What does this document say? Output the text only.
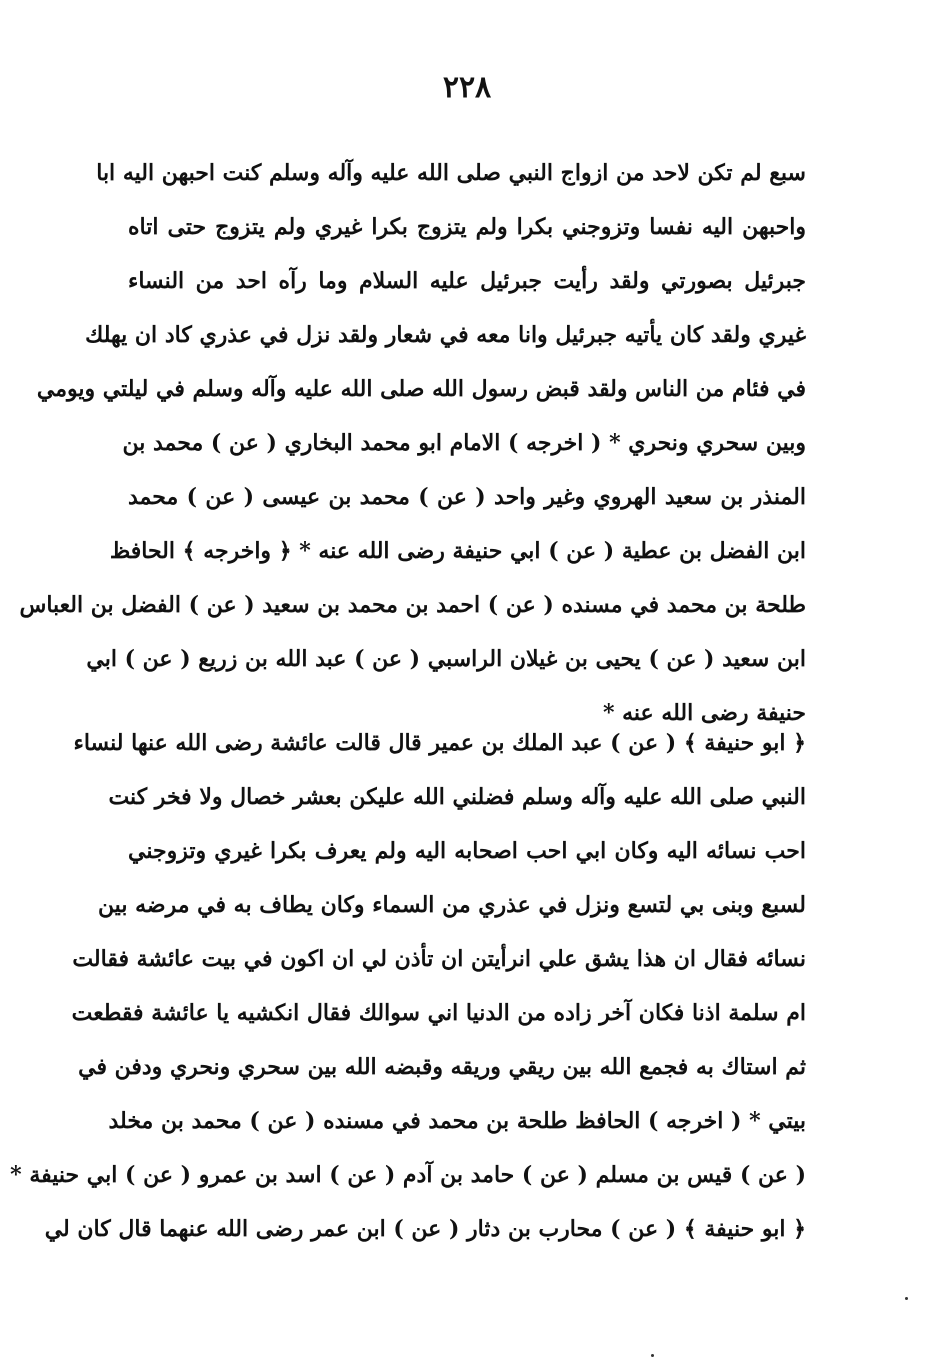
٢٢٨
سبع لم تكن لاحد من ازواج النبي صلى الله عليه وآله وسلم كنت احبهن اليه ابا
واحبهن اليه نفسا وتزوجني بكرا ولم يتزوج بكرا غيري ولم يتزوج حتى اتاه
جبرئيل بصورتي ولقد رأيت جبرئيل عليه السلام وما رآه احد من النساء
غيري ولقد كان يأتيه جبرئيل وانا معه في شعار ولقد نزل في عذري كاد ان يهلك
في فئام من الناس ولقد قبض رسول الله صلى الله عليه وآله وسلم في ليلتي ويومي
وبين سحري ونحري * ( اخرجه ) الامام ابو محمد البخاري ( عن ) محمد بن
المنذر بن سعيد الهروي وغير واحد ( عن ) محمد بن عيسى ( عن ) محمد
ابن الفضل بن عطية ( عن ) ابي حنيفة رضى الله عنه * ﴿ واخرجه ﴾ الحافظ
طلحة بن محمد في مسنده ( عن ) احمد بن محمد بن سعيد ( عن ) الفضل بن العباس
ابن سعيد ( عن ) يحيى بن غيلان الراسبي ( عن ) عبد الله بن زريع ( عن ) ابي
حنيفة رضى الله عنه *
﴿ ابو حنيفة ﴾ ( عن ) عبد الملك بن عمير قال قالت عائشة رضى الله عنها لنساء
النبي صلى الله عليه وآله وسلم فضلني الله عليكن بعشر خصال ولا فخر كنت
احب نسائه اليه وكان ابي احب اصحابه اليه ولم يعرف بكرا غيري وتزوجني
لسبع وبنى بي لتسع ونزل في عذري من السماء وكان يطاف به في مرضه بين
نسائه فقال ان هذا يشق علي انرأيتن ان تأذن لي ان اكون في بيت عائشة فقالت
ام سلمة اذنا فكان آخر زاده من الدنيا اني سوالك فقال انكشيه يا عائشة فقطعت
ثم استاك به فجمع الله بين ريقي وريقه وقبضه الله بين سحري ونحري ودفن في
بيتي * ( اخرجه ) الحافظ طلحة بن محمد في مسنده ( عن ) محمد بن مخلد
( عن ) قيس بن مسلم ( عن ) حامد بن آدم ( عن ) اسد بن عمرو ( عن ) ابي حنيفة *
﴿ ابو حنيفة ﴾ ( عن ) محارب بن دثار ( عن ) ابن عمر رضى الله عنهما قال كان لي
